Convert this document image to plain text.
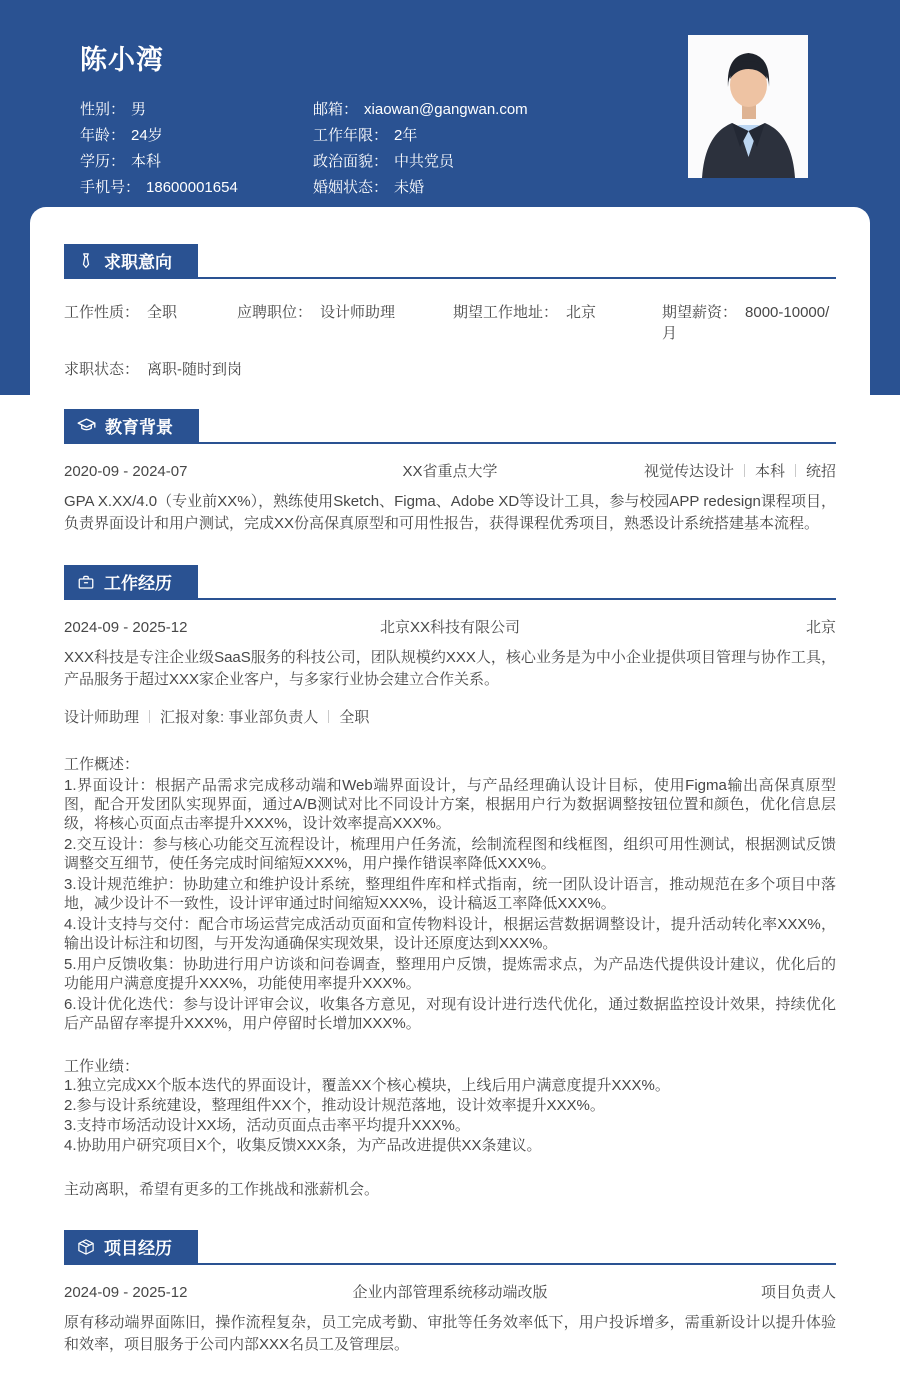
陈小湾
性别： 男
年龄： 24岁
学历： 本科
手机号： 18600001654
邮箱： xiaowan@gangwan.com
工作年限： 2年
政治面貌： 中共党员
婚姻状态： 未婚
求职意向
工作性质： 全职	应聘职位： 设计师助理	期望工作地址： 北京	期望薪资： 8000-10000/月
求职状态： 离职-随时到岗
教育背景
2020-09 - 2024-07	XX省重点大学	视觉传达设计 本科 统招

GPA X.XX/4.0（专业前XX%），熟练使用Sketch、Figma、Adobe XD等设计工具，参与校园APP redesign课程项目，负责界面设计和用户测试，完成XX份高保真原型和可用性报告，获得课程优秀项目，熟悉设计系统搭建基本流程。

工作经历
2024-09 - 2025-12	北京XX科技有限公司	北京

XXX科技是专注企业级SaaS服务的科技公司，团队规模约XXX人，核心业务是为中小企业提供项目管理与协作工具，产品服务于超过XXX家企业客户，与多家行业协会建立合作关系。

设计师助理 汇报对象: 事业部负责人 全职
工作概述：

1.界面设计：根据产品需求完成移动端和Web端界面设计，与产品经理确认设计目标，使用Figma输出高保真原型图，配合开发团队实现界面，通过A/B测试对比不同设计方案，根据用户行为数据调整按钮位置和颜色，优化信息层级，将核心页面点击率提升XXX%，设计效率提高XXX%。

2.交互设计：参与核心功能交互流程设计，梳理用户任务流，绘制流程图和线框图，组织可用性测试，根据测试反馈调整交互细节，使任务完成时间缩短XXX%，用户操作错误率降低XXX%。

3.设计规范维护：协助建立和维护设计系统，整理组件库和样式指南，统一团队设计语言，推动规范在多个项目中落地，减少设计不一致性，设计评审通过时间缩短XXX%，设计稿返工率降低XXX%。

4.设计支持与交付：配合市场运营完成活动页面和宣传物料设计，根据运营数据调整设计，提升活动转化率XXX%，输出设计标注和切图，与开发沟通确保实现效果，设计还原度达到XXX%。

5.用户反馈收集：协助进行用户访谈和问卷调查，整理用户反馈，提炼需求点，为产品迭代提供设计建议，优化后的功能用户满意度提升XXX%，功能使用率提升XXX%。

6.设计优化迭代：参与设计评审会议，收集各方意见，对现有设计进行迭代优化，通过数据监控设计效果，持续优化后产品留存率提升XXX%，用户停留时长增加XXX%。

工作业绩：

1.独立完成XX个版本迭代的界面设计，覆盖XX个核心模块，上线后用户满意度提升XXX%。

2.参与设计系统建设，整理组件XX个，推动设计规范落地，设计效率提升XXX%。

3.支持市场活动设计XX场，活动页面点击率平均提升XXX%。

4.协助用户研究项目X个，收集反馈XXX条，为产品改进提供XX条建议。

主动离职，希望有更多的工作挑战和涨薪机会。

项目经历
2024-09 - 2025-12	企业内部管理系统移动端改版	项目负责人

原有移动端界面陈旧，操作流程复杂，员工完成考勤、审批等任务效率低下，用户投诉增多，需重新设计以提升体验和效率，项目服务于公司内部XXX名员工及管理层。
